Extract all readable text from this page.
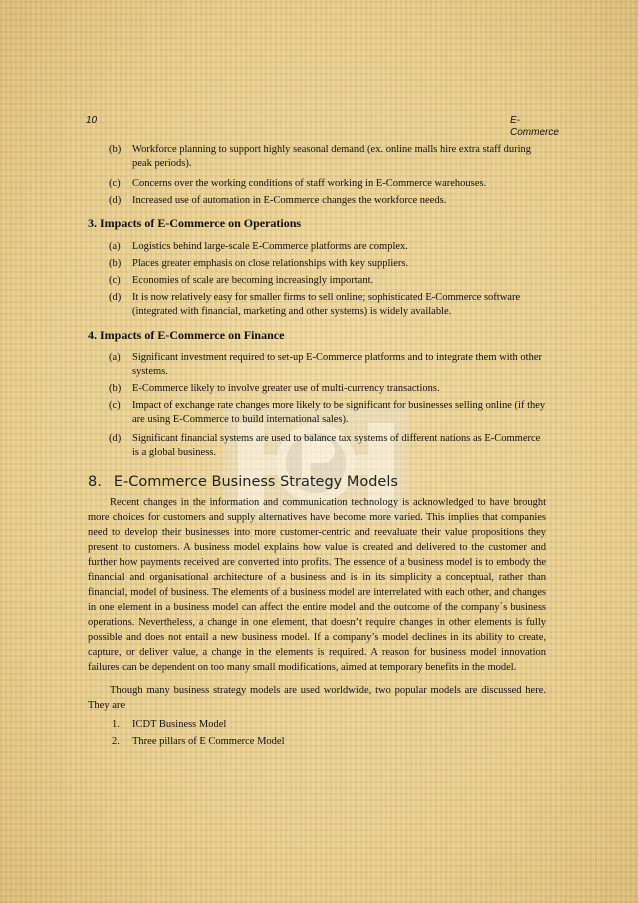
10	E-
Commerce
(b) Workforce planning to support highly seasonal demand (ex. online malls hire extra staff during peak periods).
(c) Concerns over the working conditions of staff working in E-Commerce warehouses.
(d) Increased use of automation in E-Commerce changes the workforce needs.
3. Impacts of E-Commerce on Operations
(a) Logistics behind large-scale E-Commerce platforms are complex.
(b) Places greater emphasis on close relationships with key suppliers.
(c) Economies of scale are becoming increasingly important.
(d) It is now relatively easy for smaller firms to sell online; sophisticated E-Commerce software (integrated with financial, marketing and other systems) is widely available.
4. Impacts of E-Commerce on Finance
(a) Significant investment required to set-up E-Commerce platforms and to integrate them with other systems.
(b) E-Commerce likely to involve greater use of multi-currency transactions.
(c) Impact of exchange rate changes more likely to be significant for businesses selling online (if they are using E-Commerce to build international sales).
(d) Significant financial systems are used to balance tax systems of different nations as E-Commerce is a global business.
8. E-Commerce Business Strategy Models

Recent changes in the information and communication technology is acknowledged to have brought more choices for customers and supply alternatives have become more varied. This implies that companies need to develop their businesses into more customer-centric and reevaluate their value propositions they present to customers. A business model explains how value is created and delivered to the customer and further how payments received are converted into profits. The essence of a business model is to embody the financial and organisational architecture of a business and is in its simplicity a conceptual, rather than financial, model of business. The elements of a business model are interrelated with each other, and changes in one element in a business model can affect the entire model and the outcome of the company´s business operations. Nevertheless, a change in one element, that doesn’t require changes in other elements is fully possible and does not entail a new business model. If a company’s model declines in its ability to create, capture, or deliver value, a change in the elements is required. A reason for business model innovation failures can be dependent on too many small modifications, aimed at temporary benefits in the model.

Though many business strategy models are used worldwide, two popular models are discussed here. They are

1. ICDT Business Model
2. Three pillars of E Commerce Model
